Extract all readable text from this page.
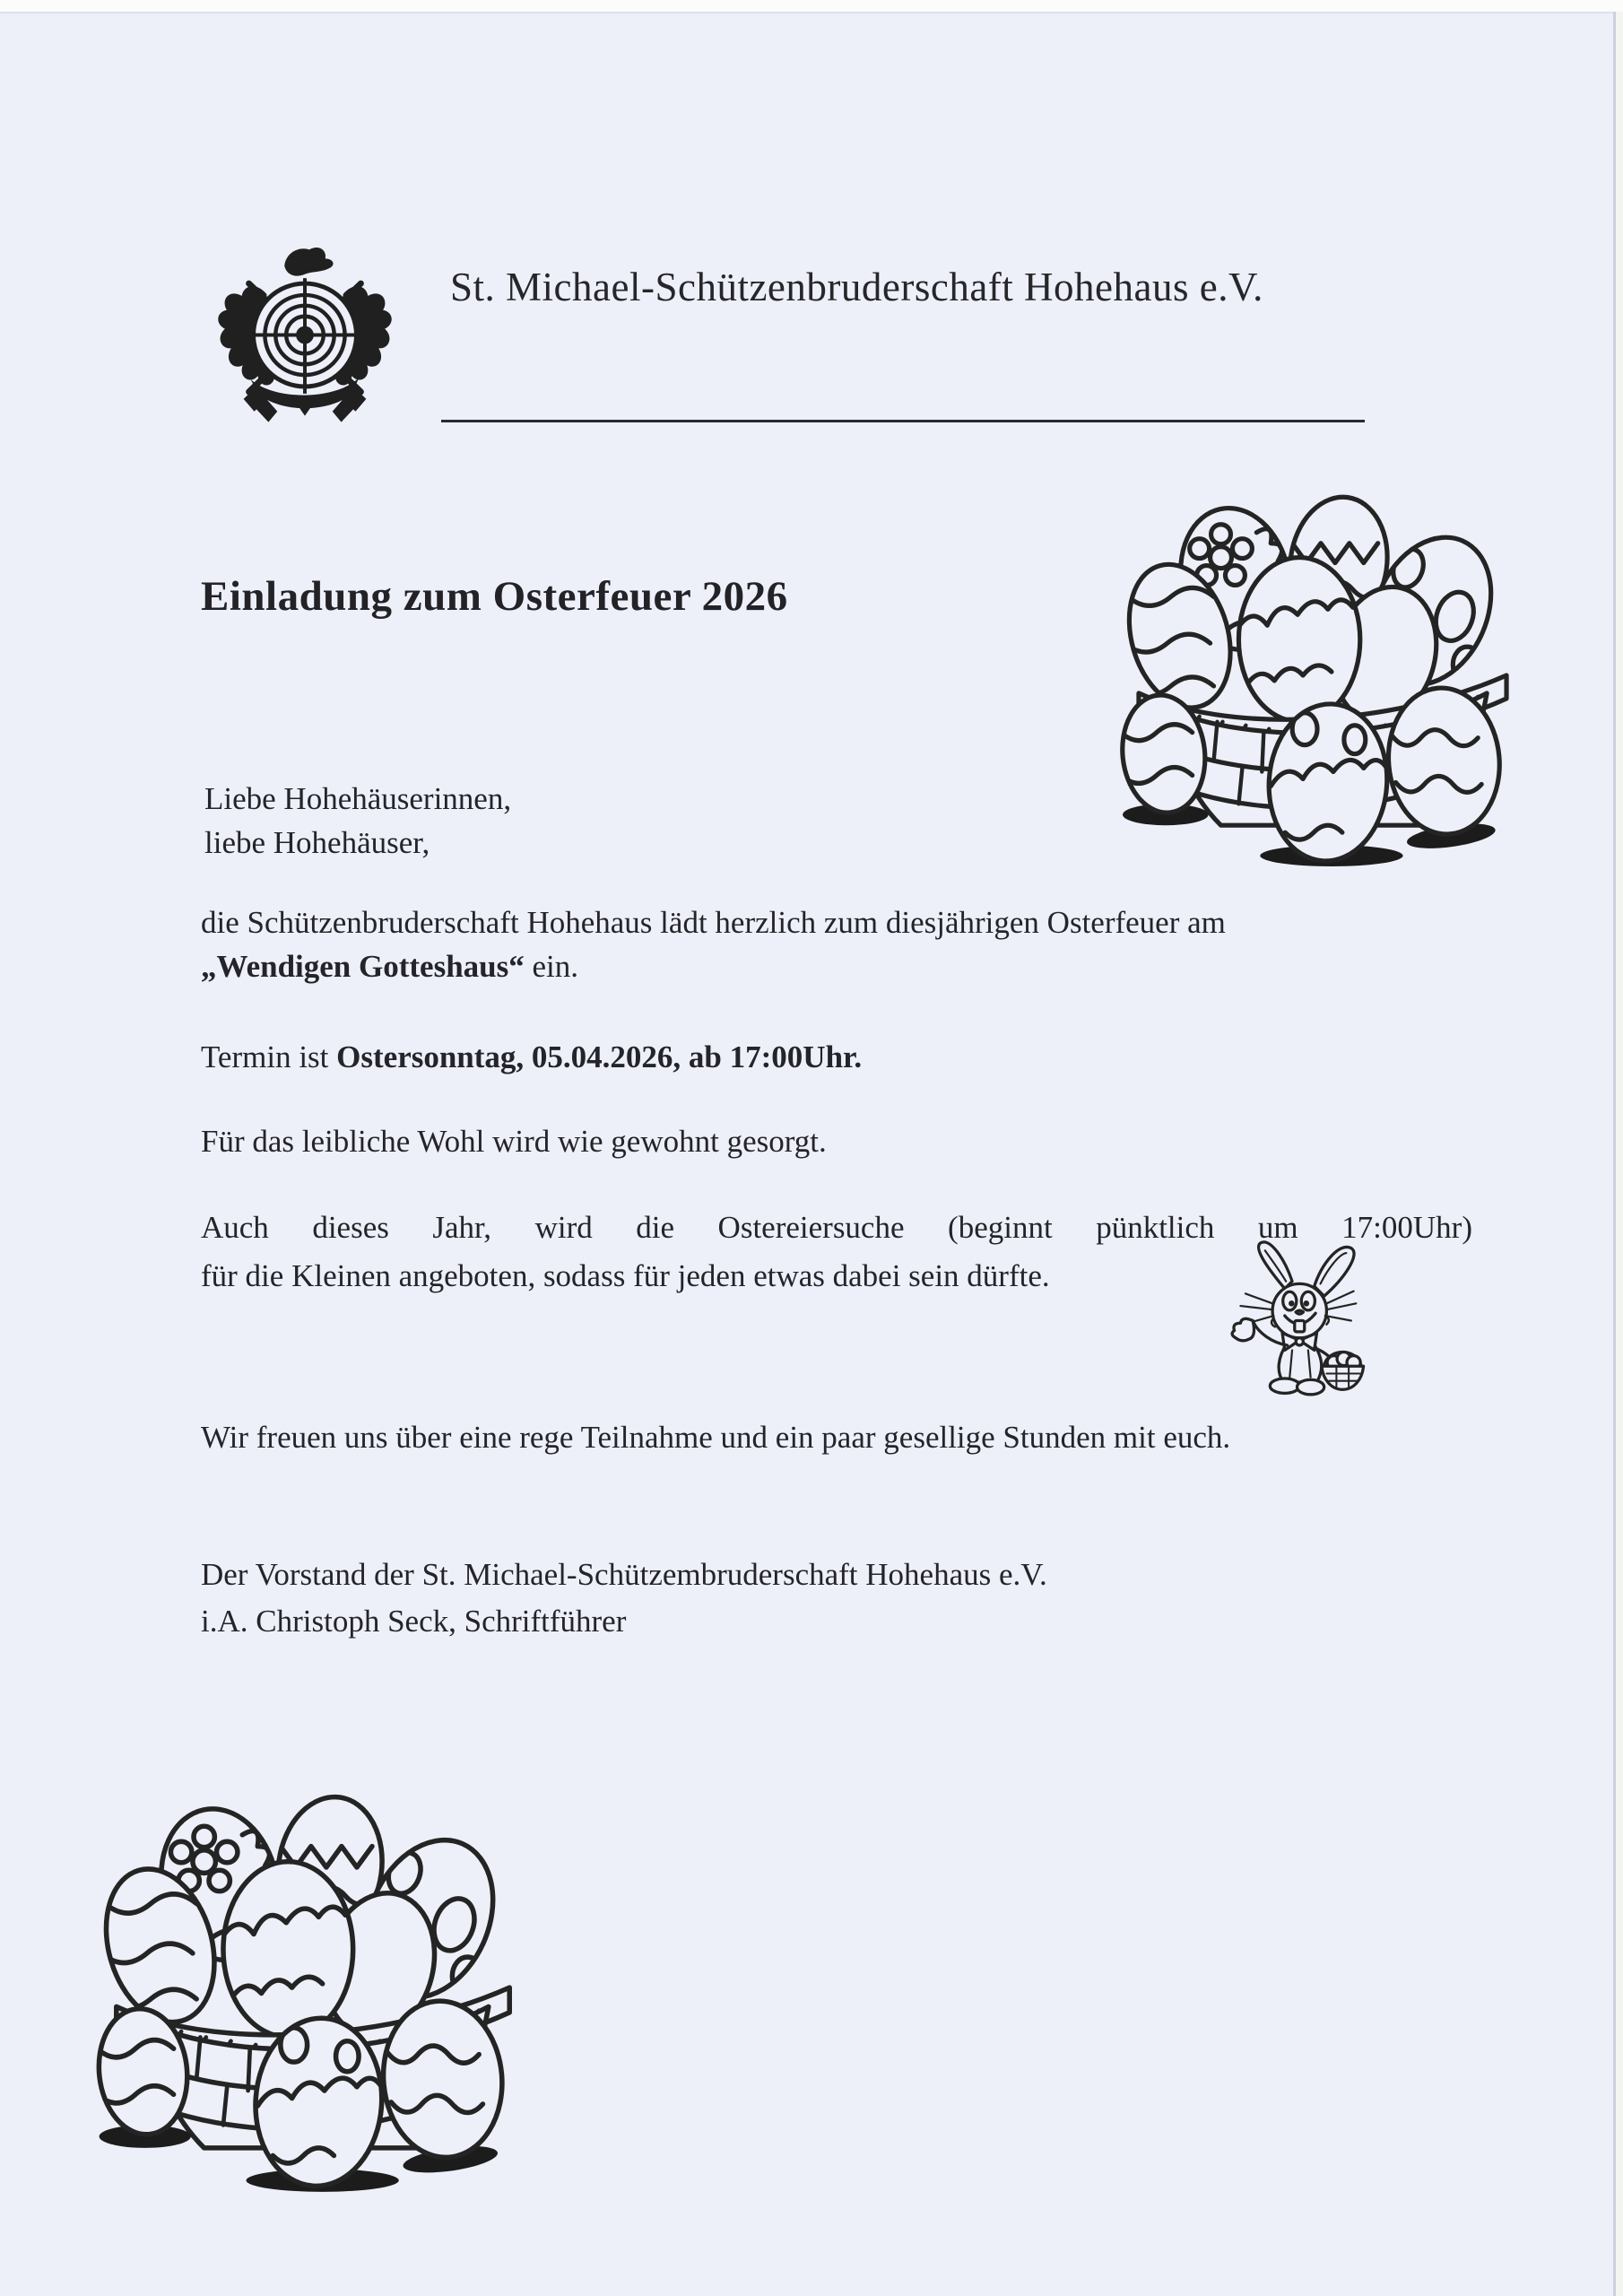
St. Michael-Schützenbruderschaft Hohehaus e.V.
Einladung zum Osterfeuer 2026
Liebe Hohehäuserinnen,
liebe Hohehäuser,

die Schützenbruderschaft Hohehaus lädt herzlich zum diesjährigen Osterfeuer am
„Wendigen Gotteshaus“ ein.

Termin ist Ostersonntag, 05.04.2026, ab 17:00Uhr.

Für das leibliche Wohl wird wie gewohnt gesorgt.

Auch dieses Jahr, wird die Ostereiersuche (beginnt pünktlich um 17:00Uhr)
für die Kleinen angeboten, sodass für jeden etwas dabei sein dürfte.

Wir freuen uns über eine rege Teilnahme und ein paar gesellige Stunden mit euch.

Der Vorstand der St. Michael-Schützembruderschaft Hohehaus e.V.
i.A. Christoph Seck, Schriftführer
